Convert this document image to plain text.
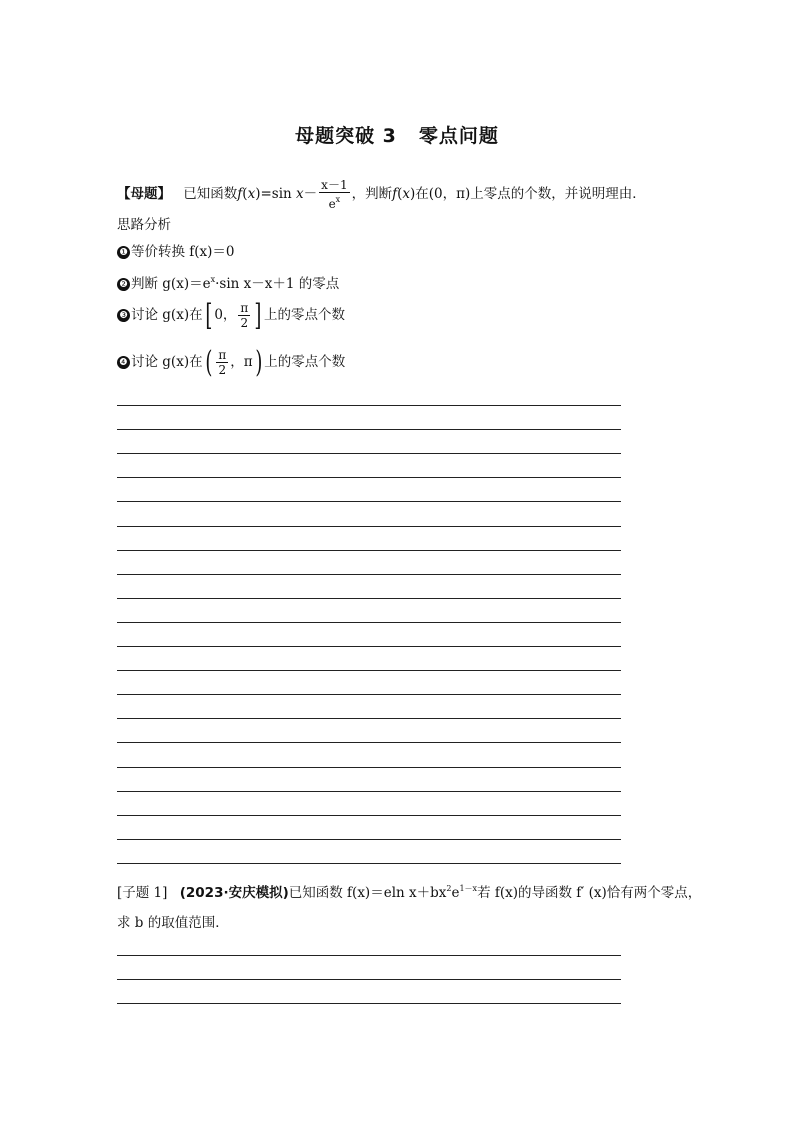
母题突破 3 零点问题
【母题】 已知函数f(x)=sin $x- \frac{x-1}{e^x}$ ，判断f(x)在(0，π)上零点的个数，并说明理由．
思路分析
❶ 等价转换 f(x)＝0
❷ 判断 $g(x)=e^x\cdot\sin$ x－x＋1 的零点
❸ 讨论 g(x)在[ 0， $\frac{\pi}{2}$ ] 上的零点个数
❹ 讨论 g(x)在( $\frac{\pi}{2}$ ，π) 上的零点个数
[子题 1] (2023·安庆模拟)已知函数 f(x)＝eln $x+bx^2e^{1-x}$若 f(x)的导函数 f′ (x)恰有两个零点，
求 b 的取值范围．
